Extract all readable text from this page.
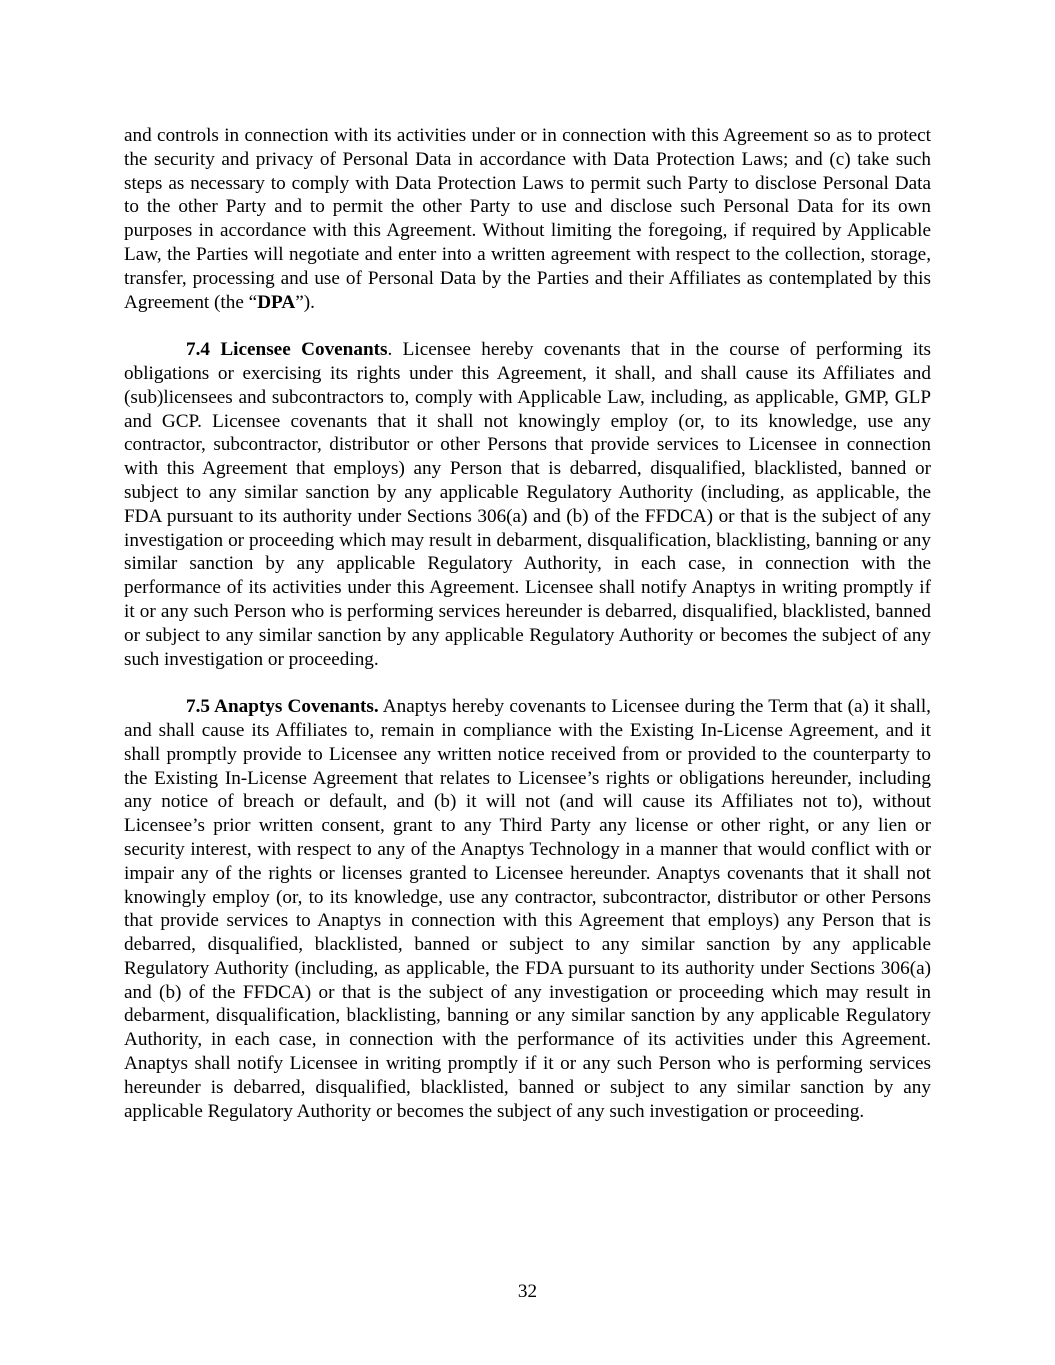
and controls in connection with its activities under or in connection with this Agreement so as to protect the security and privacy of Personal Data in accordance with Data Protection Laws; and (c) take such steps as necessary to comply with Data Protection Laws to permit such Party to disclose Personal Data to the other Party and to permit the other Party to use and disclose such Personal Data for its own purposes in accordance with this Agreement. Without limiting the foregoing, if required by Applicable Law, the Parties will negotiate and enter into a written agreement with respect to the collection, storage, transfer, processing and use of Personal Data by the Parties and their Affiliates as contemplated by this Agreement (the “DPA”).

7.4 Licensee Covenants. Licensee hereby covenants that in the course of performing its obligations or exercising its rights under this Agreement, it shall, and shall cause its Affiliates and (sub)licensees and subcontractors to, comply with Applicable Law, including, as applicable, GMP, GLP and GCP. Licensee covenants that it shall not knowingly employ (or, to its knowledge, use any contractor, subcontractor, distributor or other Persons that provide services to Licensee in connection with this Agreement that employs) any Person that is debarred, disqualified, blacklisted, banned or subject to any similar sanction by any applicable Regulatory Authority (including, as applicable, the FDA pursuant to its authority under Sections 306(a) and (b) of the FFDCA) or that is the subject of any investigation or proceeding which may result in debarment, disqualification, blacklisting, banning or any similar sanction by any applicable Regulatory Authority, in each case, in connection with the performance of its activities under this Agreement. Licensee shall notify Anaptys in writing promptly if it or any such Person who is performing services hereunder is debarred, disqualified, blacklisted, banned or subject to any similar sanction by any applicable Regulatory Authority or becomes the subject of any such investigation or proceeding.

7.5 Anaptys Covenants. Anaptys hereby covenants to Licensee during the Term that (a) it shall, and shall cause its Affiliates to, remain in compliance with the Existing In-License Agreement, and it shall promptly provide to Licensee any written notice received from or provided to the counterparty to the Existing In-License Agreement that relates to Licensee’s rights or obligations hereunder, including any notice of breach or default, and (b) it will not (and will cause its Affiliates not to), without Licensee’s prior written consent, grant to any Third Party any license or other right, or any lien or security interest, with respect to any of the Anaptys Technology in a manner that would conflict with or impair any of the rights or licenses granted to Licensee hereunder. Anaptys covenants that it shall not knowingly employ (or, to its knowledge, use any contractor, subcontractor, distributor or other Persons that provide services to Anaptys in connection with this Agreement that employs) any Person that is debarred, disqualified, blacklisted, banned or subject to any similar sanction by any applicable Regulatory Authority (including, as applicable, the FDA pursuant to its authority under Sections 306(a) and (b) of the FFDCA) or that is the subject of any investigation or proceeding which may result in debarment, disqualification, blacklisting, banning or any similar sanction by any applicable Regulatory Authority, in each case, in connection with the performance of its activities under this Agreement. Anaptys shall notify Licensee in writing promptly if it or any such Person who is performing services hereunder is debarred, disqualified, blacklisted, banned or subject to any similar sanction by any applicable Regulatory Authority or becomes the subject of any such investigation or proceeding.

32
